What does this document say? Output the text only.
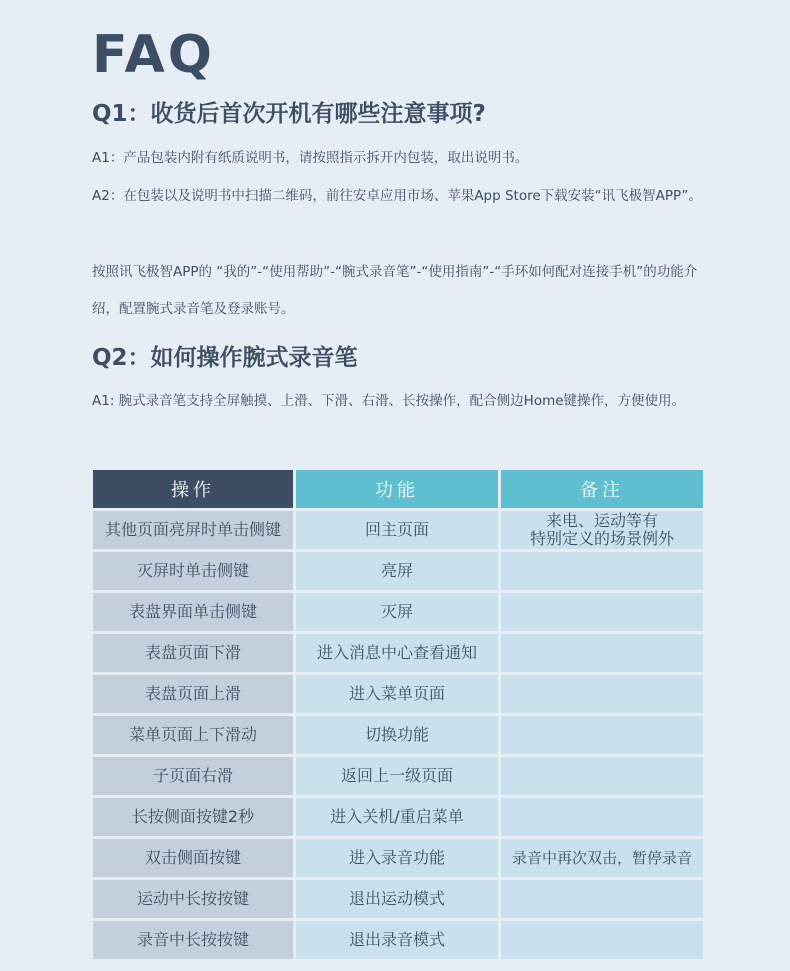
FAQ
Q1：收货后首次开机有哪些注意事项?

A1：产品包装内附有纸质说明书，请按照指示拆开内包装，取出说明书。

A2：在包装以及说明书中扫描二维码，前往安卓应用市场、苹果App Store下载安装“讯飞极智APP”。

按照讯飞极智APP的 “我的”-“使用帮助”-“腕式录音笔”-“使用指南”-“手环如何配对连接手机”的功能介绍，配置腕式录音笔及登录账号。

Q2：如何操作腕式录音笔

A1: 腕式录音笔支持全屏触摸、上滑、下滑、右滑、长按操作，配合侧边Home键操作，方便使用。

操作	功能	备注
其他页面亮屏时单击侧键	回主页面	来电、运动等有
特别定义的场景例外
灭屏时单击侧键	亮屏	
表盘界面单击侧键	灭屏	
表盘页面下滑	进入消息中心查看通知	
表盘页面上滑	进入菜单页面	
菜单页面上下滑动	切换功能	
子页面右滑	返回上一级页面	
长按侧面按键2秒	进入关机/重启菜单	
双击侧面按键	进入录音功能	录音中再次双击，暂停录音
运动中长按按键	退出运动模式	
录音中长按按键	退出录音模式	
